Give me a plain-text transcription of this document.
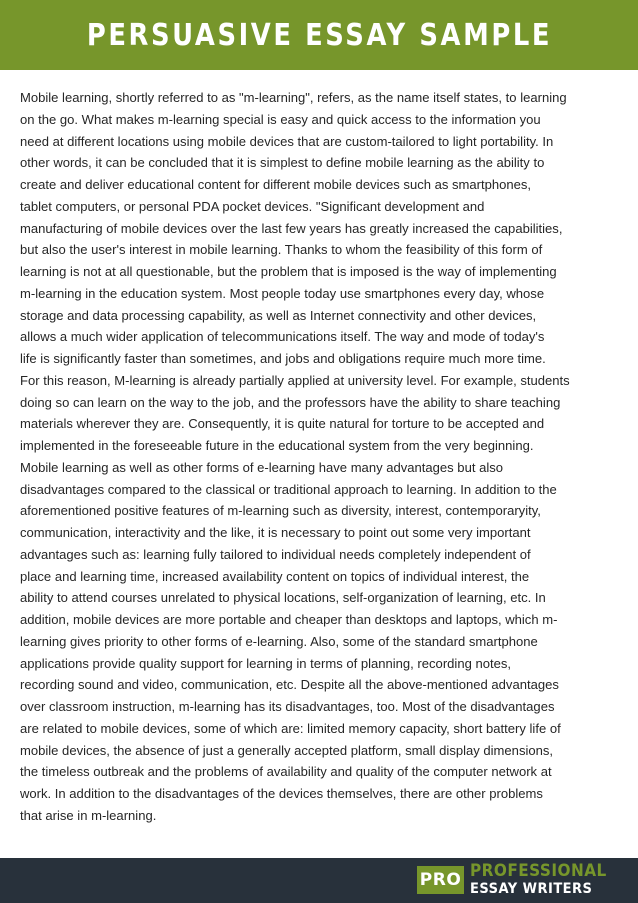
PERSUASIVE ESSAY SAMPLE
Mobile learning, shortly referred to as "m-learning", refers, as the name itself states, to learning
on the go. What makes m-learning special is easy and quick access to the information you
need at different locations using mobile devices that are custom-tailored to light portability. In
other words, it can be concluded that it is simplest to define mobile learning as the ability to
create and deliver educational content for different mobile devices such as smartphones,
tablet computers, or personal PDA pocket devices. "Significant development and
manufacturing of mobile devices over the last few years has greatly increased the capabilities,
but also the user's interest in mobile learning. Thanks to whom the feasibility of this form of
learning is not at all questionable, but the problem that is imposed is the way of implementing
m-learning in the education system. Most people today use smartphones every day, whose
storage and data processing capability, as well as Internet connectivity and other devices,
allows a much wider application of telecommunications itself. The way and mode of today's
life is significantly faster than sometimes, and jobs and obligations require much more time.
For this reason, M-learning is already partially applied at university level. For example, students
doing so can learn on the way to the job, and the professors have the ability to share teaching
materials wherever they are. Consequently, it is quite natural for torture to be accepted and
implemented in the foreseeable future in the educational system from the very beginning.
Mobile learning as well as other forms of e-learning have many advantages but also
disadvantages compared to the classical or traditional approach to learning. In addition to the
aforementioned positive features of m-learning such as diversity, interest, contemporaryity,
communication, interactivity and the like, it is necessary to point out some very important
advantages such as: learning fully tailored to individual needs completely independent of
place and learning time, increased availability content on topics of individual interest, the
ability to attend courses unrelated to physical locations, self-organization of learning, etc. In
addition, mobile devices are more portable and cheaper than desktops and laptops, which m-
learning gives priority to other forms of e-learning. Also, some of the standard smartphone
applications provide quality support for learning in terms of planning, recording notes,
recording sound and video, communication, etc. Despite all the above-mentioned advantages
over classroom instruction, m-learning has its disadvantages, too. Most of the disadvantages
are related to mobile devices, some of which are: limited memory capacity, short battery life of
mobile devices, the absence of just a generally accepted platform, small display dimensions,
the timeless outbreak and the problems of availability and quality of the computer network at
work. In addition to the disadvantages of the devices themselves, there are other problems
that arise in m-learning.
PRO PROFESSIONAL
ESSAY WRITERS
